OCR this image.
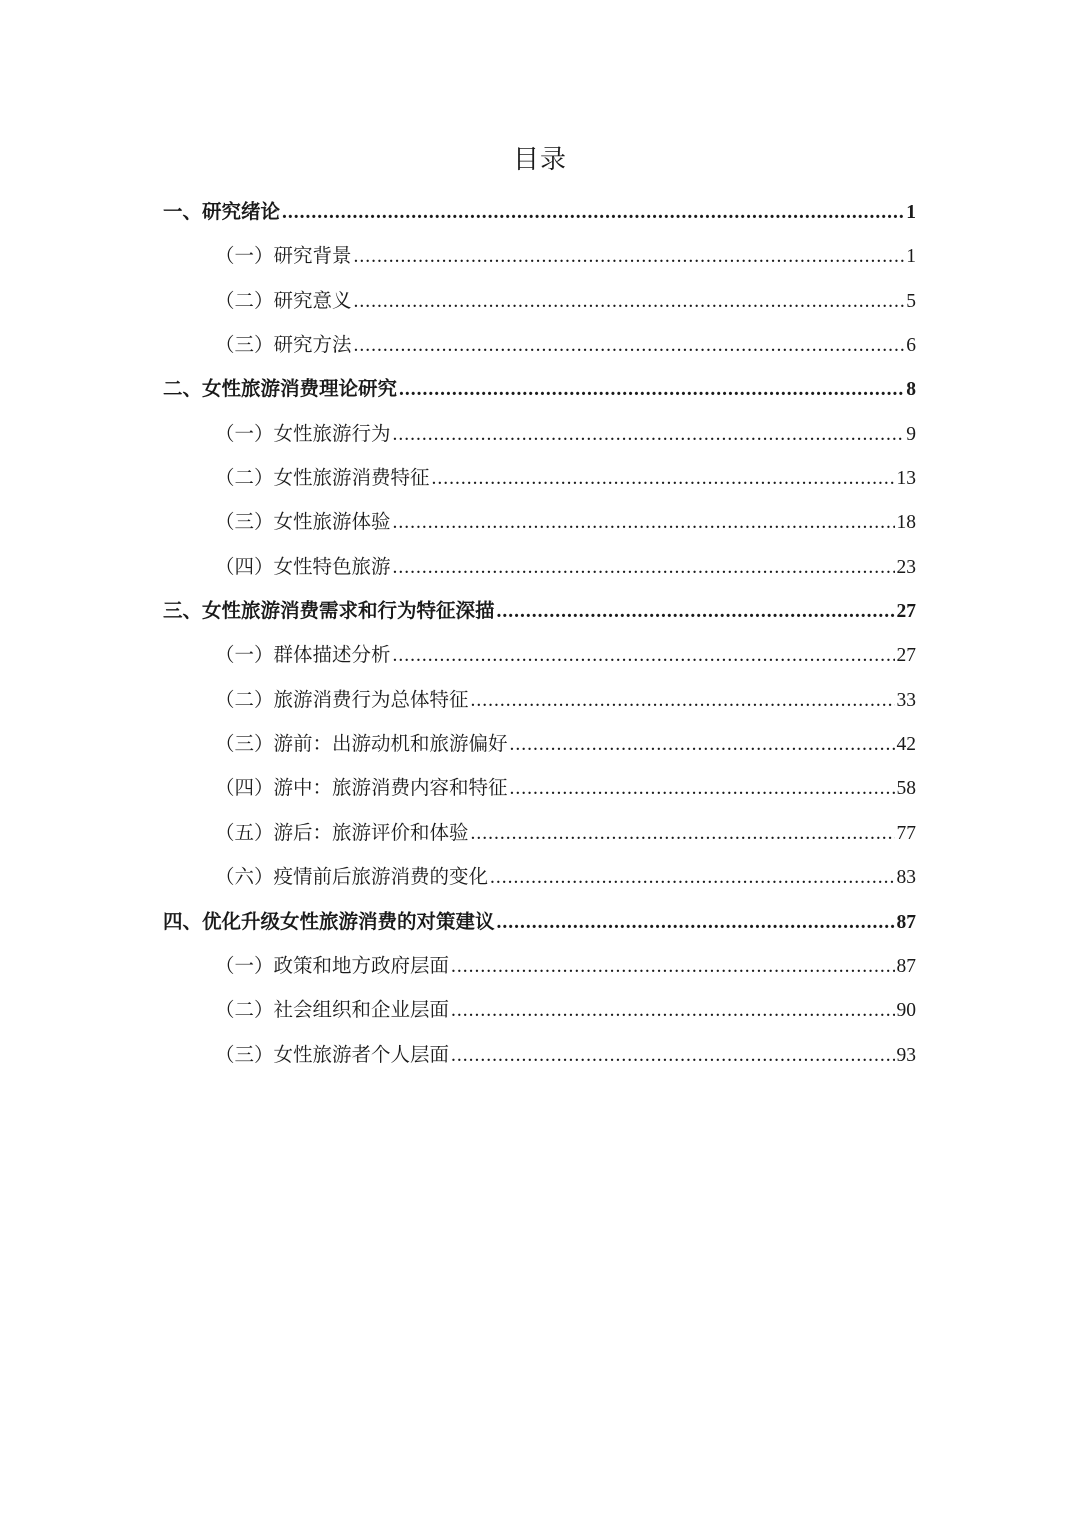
目录
一、研究绪论 .....	1
（一）研究背景 .....	1
（二）研究意义 .....	5
（三）研究方法 .....	6
二、女性旅游消费理论研究 .....	8
（一）女性旅游行为 .....	9
（二）女性旅游消费特征 .....	13
（三）女性旅游体验 .....	18
（四）女性特色旅游 .....	23
三、女性旅游消费需求和行为特征深描 .....	27
（一）群体描述分析 .....	27
（二）旅游消费行为总体特征 .....	33
（三）游前：出游动机和旅游偏好 .....	42
（四）游中：旅游消费内容和特征 .....	58
（五）游后：旅游评价和体验 .....	77
（六）疫情前后旅游消费的变化 .....	83
四、优化升级女性旅游消费的对策建议 .....	87
（一）政策和地方政府层面 .....	87
（二）社会组织和企业层面 .....	90
（三）女性旅游者个人层面 .....	93
